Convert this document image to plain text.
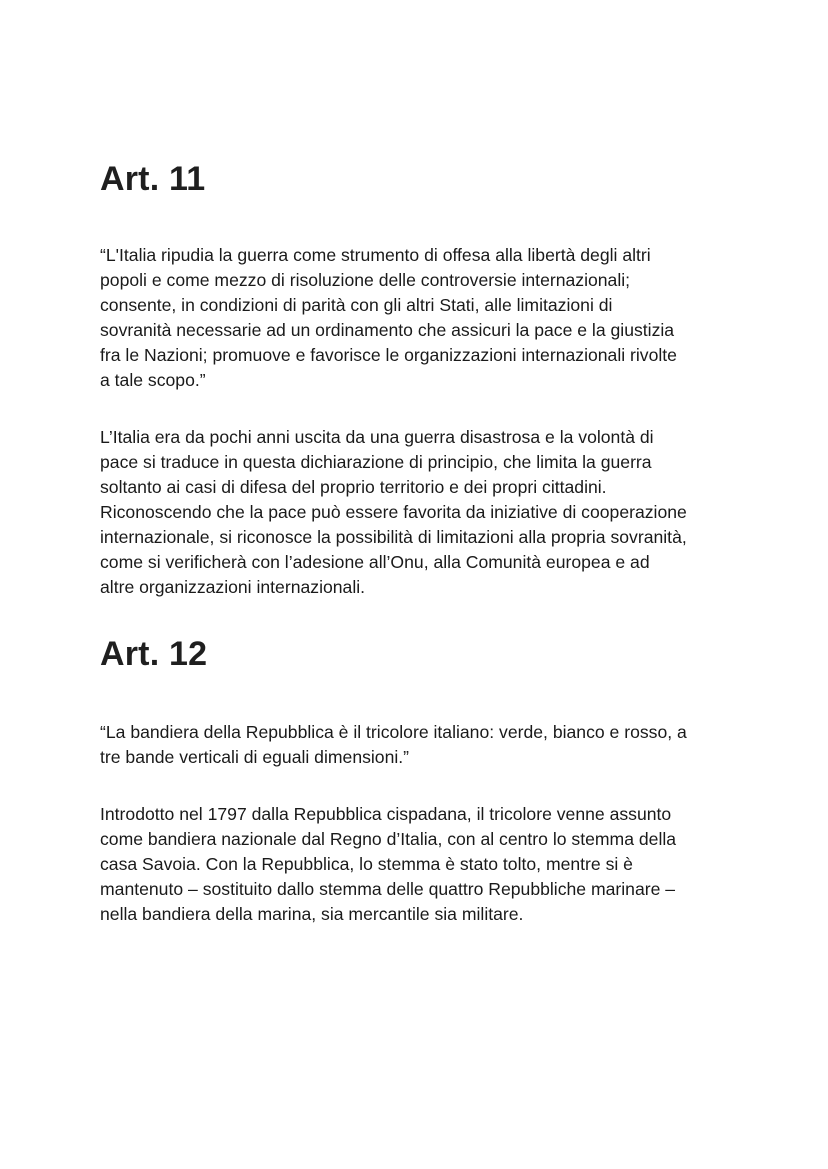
Art. 11

“L'Italia ripudia la guerra come strumento di offesa alla libertà degli altri
popoli e come mezzo di risoluzione delle controversie internazionali;
consente, in condizioni di parità con gli altri Stati, alle limitazioni di
sovranità necessarie ad un ordinamento che assicuri la pace e la giustizia
fra le Nazioni; promuove e favorisce le organizzazioni internazionali rivolte
a tale scopo.”

L’Italia era da pochi anni uscita da una guerra disastrosa e la volontà di
pace si traduce in questa dichiarazione di principio, che limita la guerra
soltanto ai casi di difesa del proprio territorio e dei propri cittadini.
Riconoscendo che la pace può essere favorita da iniziative di cooperazione
internazionale, si riconosce la possibilità di limitazioni alla propria sovranità,
come si verificherà con l’adesione all’Onu, alla Comunità europea e ad
altre organizzazioni internazionali.

Art. 12

“La bandiera della Repubblica è il tricolore italiano: verde, bianco e rosso, a
tre bande verticali di eguali dimensioni.”

Introdotto nel 1797 dalla Repubblica cispadana, il tricolore venne assunto
come bandiera nazionale dal Regno d’Italia, con al centro lo stemma della
casa Savoia. Con la Repubblica, lo stemma è stato tolto, mentre si è
mantenuto – sostituito dallo stemma delle quattro Repubbliche marinare –
nella bandiera della marina, sia mercantile sia militare.
